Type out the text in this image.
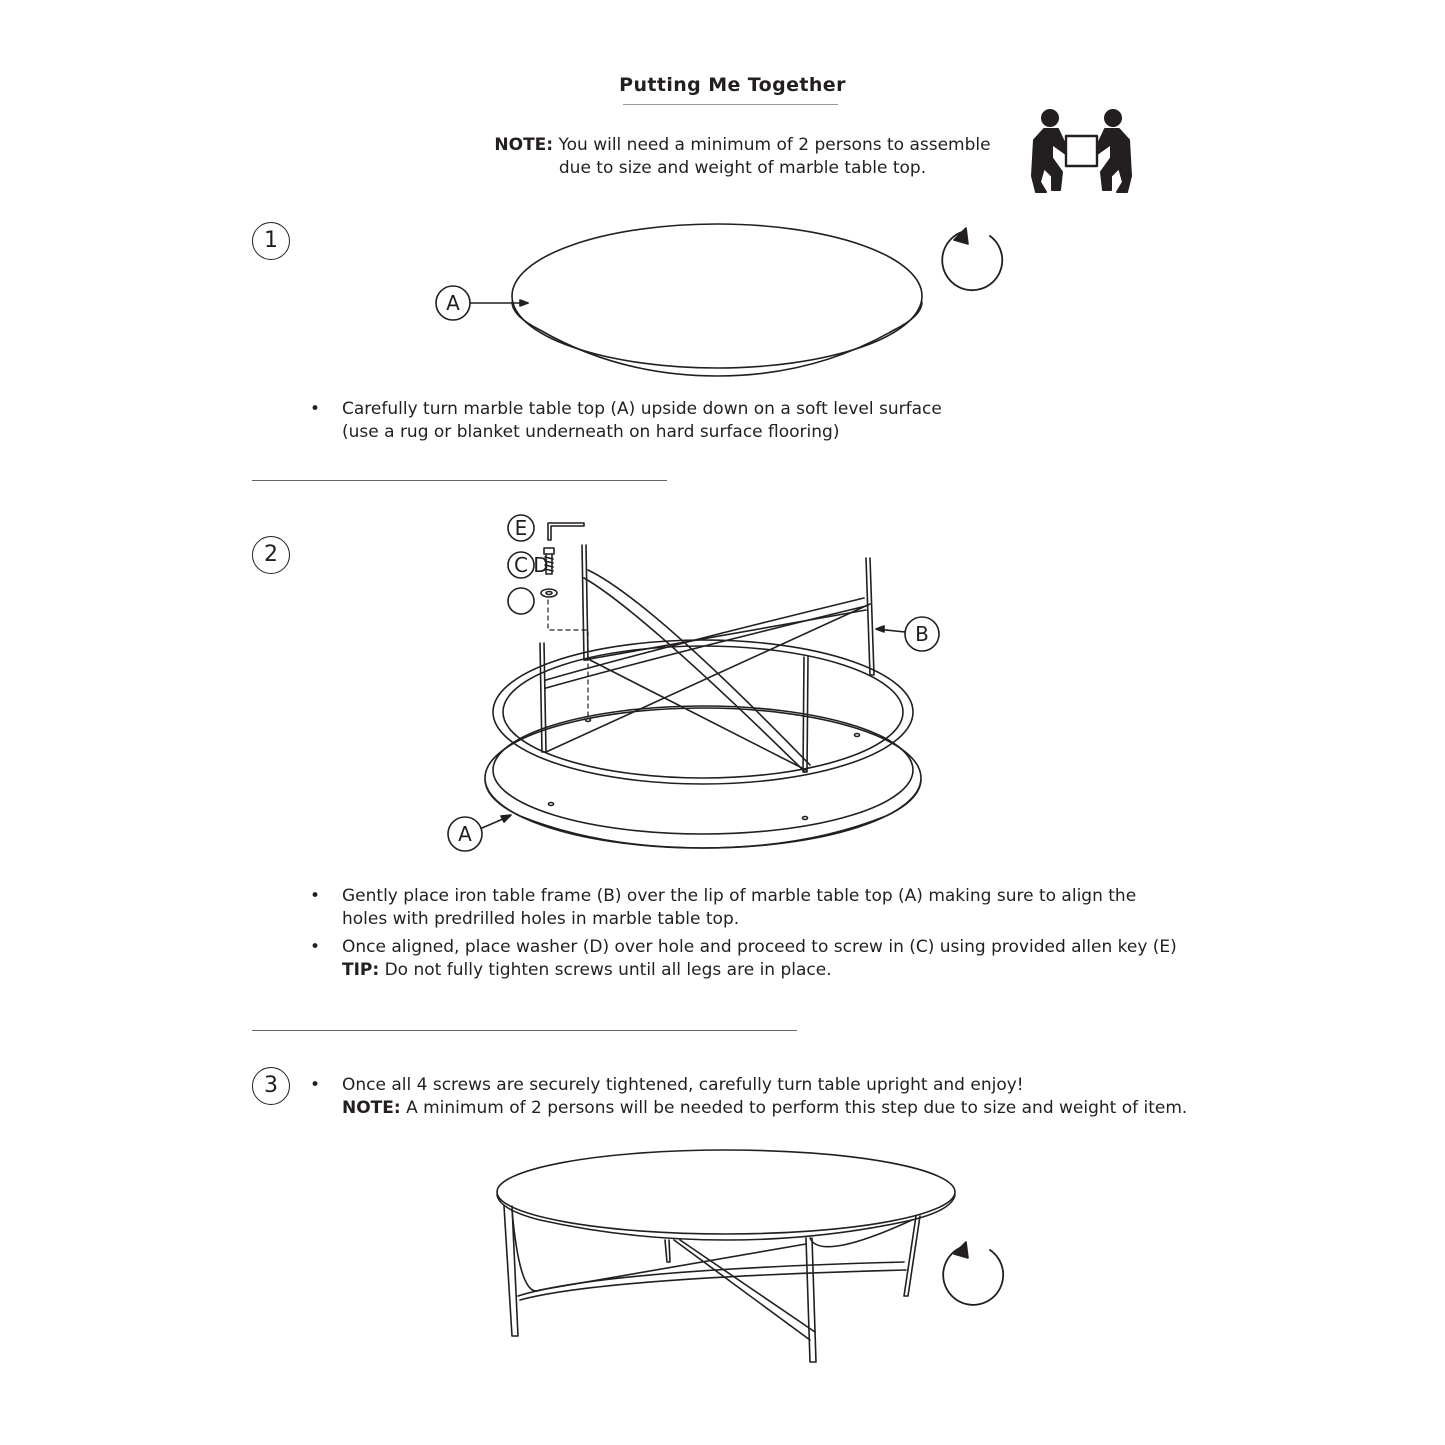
Putting Me Together
NOTE: You will need a minimum of 2 persons to assemble
due to size and weight of marble table top.
1
2
3
• Carefully turn marble table top (A) upside down on a soft level surface
(use a rug or blanket underneath on hard surface flooring)
• Gently place iron table frame (B) over the lip of marble table top (A) making sure to align the
holes with predrilled holes in marble table top.
• Once aligned, place washer (D) over hole and proceed to screw in (C) using provided allen key (E)
TIP: Do not fully tighten screws until all legs are in place.
• Once all 4 screws are securely tightened, carefully turn table upright and enjoy!
NOTE: A minimum of 2 persons will be needed to perform this step due to size and weight of item.
A
E
C D
B
A
